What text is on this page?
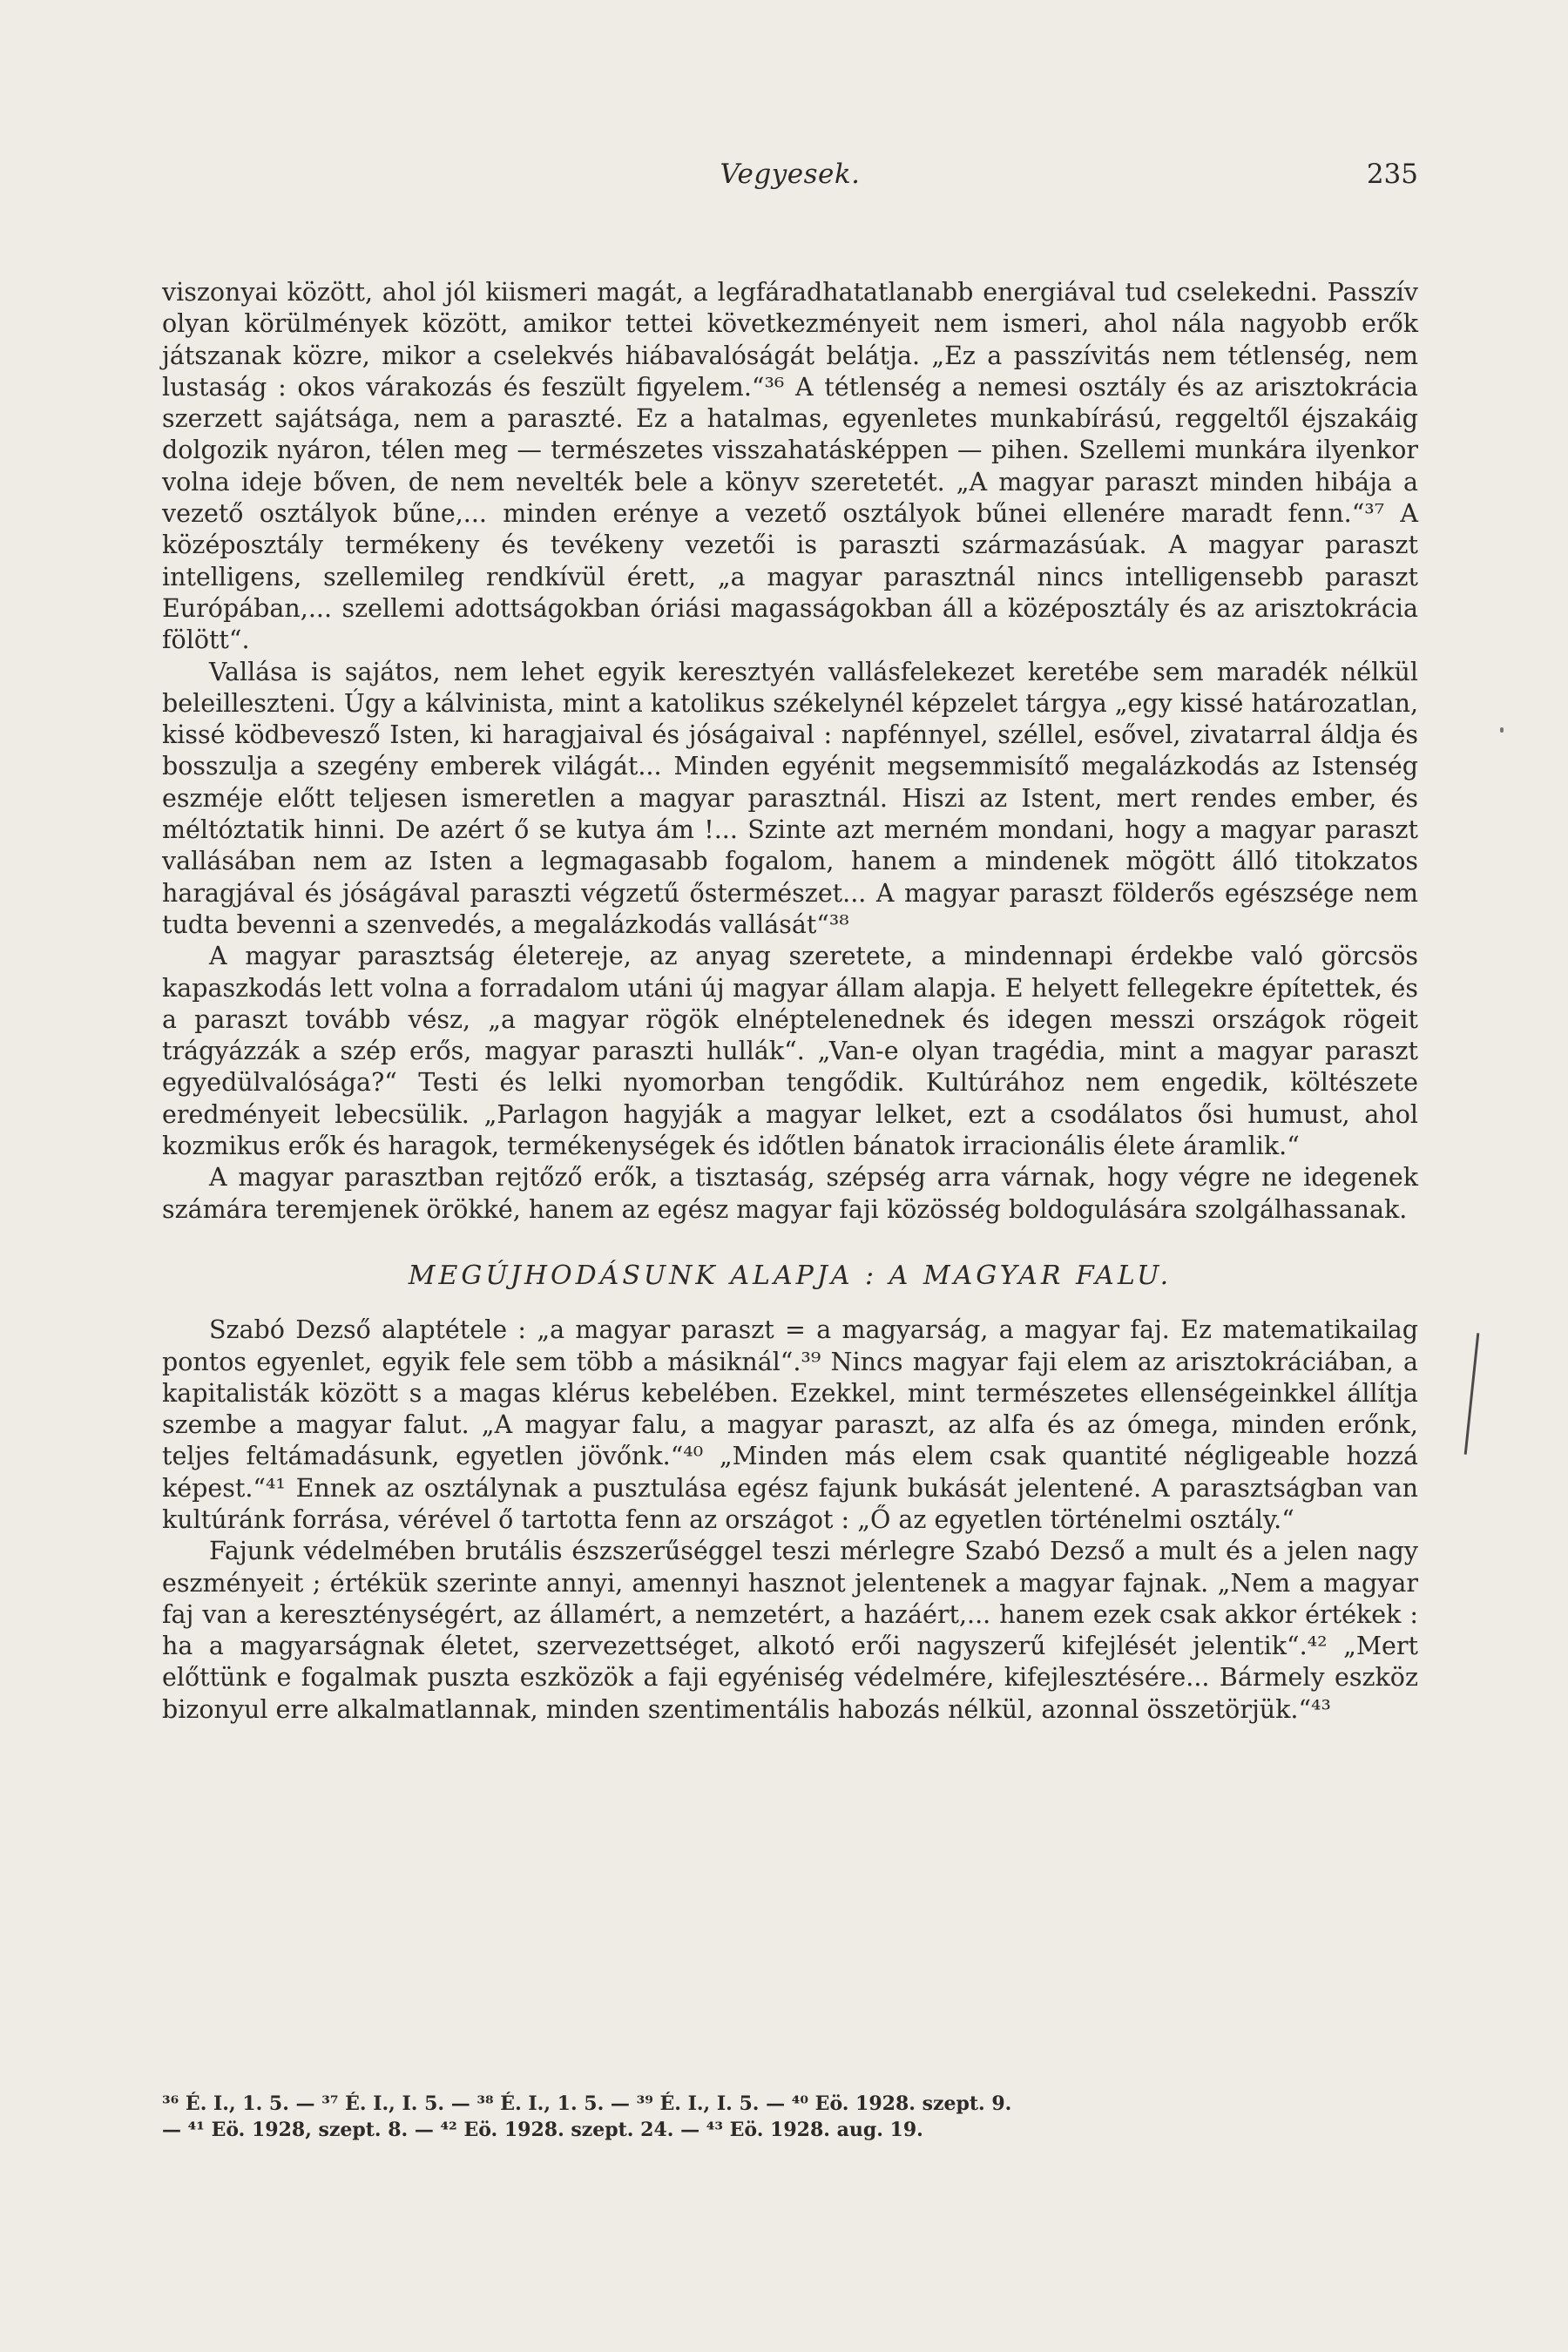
Vegyesek.	235

viszonyai között, ahol jól kiismeri magát, a legfáradhatatlanabb energiával tud cselekedni. Passzív olyan körülmények között, amikor tettei következményeit nem ismeri, ahol nála nagyobb erők játszanak közre, mikor a cselekvés hiábavalóságát belátja. „Ez a passzívitás nem tétlenség, nem lustaság : okos várakozás és feszült figyelem.“³⁶ A tétlenség a nemesi osztály és az arisztokrácia szerzett sajátsága, nem a paraszté. Ez a hatalmas, egyenletes munkabírású, reggeltől éjszakáig dolgozik nyáron, télen meg — természetes visszahatásképpen — pihen. Szellemi munkára ilyenkor volna ideje bőven, de nem nevelték bele a könyv szeretetét. „A magyar paraszt minden hibája a vezető osztályok bűne,... minden erénye a vezető osztályok bűnei ellenére maradt fenn.“³⁷ A középosztály termékeny és tevékeny vezetői is paraszti származásúak. A magyar paraszt intelligens, szellemileg rendkívül érett, „a magyar parasztnál nincs intelligensebb paraszt Európában,... szellemi adottságokban óriási magasságokban áll a középosztály és az arisztokrácia fölött“.

Vallása is sajátos, nem lehet egyik keresztyén vallásfelekezet keretébe sem maradék nélkül beleilleszteni. Úgy a kálvinista, mint a katolikus székelynél képzelet tárgya „egy kissé határozatlan, kissé ködbevesző Isten, ki haragjaival és jóságaival : napfénnyel, széllel, esővel, zivatarral áldja és bosszulja a szegény emberek világát... Minden egyénit megsemmisítő megalázkodás az Istenség eszméje előtt teljesen ismeretlen a magyar parasztnál. Hiszi az Istent, mert rendes ember, és méltóztatik hinni. De azért ő se kutya ám !... Szinte azt merném mondani, hogy a magyar paraszt vallásában nem az Isten a legmagasabb fogalom, hanem a mindenek mögött álló titokzatos haragjával és jóságával paraszti végzetű őstermészet... A magyar paraszt földerős egészsége nem tudta bevenni a szenvedés, a megalázkodás vallását“³⁸

A magyar parasztság életereje, az anyag szeretete, a mindennapi érdekbe való görcsös kapaszkodás lett volna a forradalom utáni új magyar állam alapja. E helyett fellegekre építettek, és a paraszt tovább vész, „a magyar rögök elnéptelenednek és idegen messzi országok rögeit trágyázzák a szép erős, magyar paraszti hullák“. „Van-e olyan tragédia, mint a magyar paraszt egyedülvalósága?“ Testi és lelki nyomorban tengődik. Kultúrához nem engedik, költészete eredményeit lebecsülik. „Parlagon hagyják a magyar lelket, ezt a csodálatos ősi humust, ahol kozmikus erők és haragok, termékenységek és időtlen bánatok irracionális élete áramlik.“

A magyar parasztban rejtőző erők, a tisztaság, szépség arra várnak, hogy végre ne idegenek számára teremjenek örökké, hanem az egész magyar faji közösség boldogulására szolgálhassanak.

MEGÚJHODÁSUNK ALAPJA : A MAGYAR FALU.

Szabó Dezső alaptétele : „a magyar paraszt = a magyarság, a magyar faj. Ez matematikailag pontos egyenlet, egyik fele sem több a másiknál“.³⁹ Nincs magyar faji elem az arisztokráciában, a kapitalisták között s a magas klérus kebelében. Ezekkel, mint természetes ellenségeinkkel állítja szembe a magyar falut. „A magyar falu, a magyar paraszt, az alfa és az ómega, minden erőnk, teljes feltámadásunk, egyetlen jövőnk.“⁴⁰ „Minden más elem csak quantité négligeable hozzá képest.“⁴¹ Ennek az osztálynak a pusztulása egész fajunk bukását jelentené. A parasztságban van kultúránk forrása, vérével ő tartotta fenn az országot : „Ő az egyetlen történelmi osztály.“

Fajunk védelmében brutális észszerűséggel teszi mérlegre Szabó Dezső a mult és a jelen nagy eszményeit ; értékük szerinte annyi, amennyi hasznot jelentenek a magyar fajnak. „Nem a magyar faj van a kereszténységért, az államért, a nemzetért, a hazáért,... hanem ezek csak akkor értékek : ha a magyarságnak életet, szervezettséget, alkotó erői nagyszerű kifejlését jelentik“.⁴² „Mert előttünk e fogalmak puszta eszközök a faji egyéniség védelmére, kifejlesztésére... Bármely eszköz bizonyul erre alkalmatlannak, minden szentimentális habozás nélkül, azonnal összetörjük.“⁴³

³⁶ É. I., 1. 5. — ³⁷ É. I., I. 5. — ³⁸ É. I., 1. 5. — ³⁹ É. I., I. 5. — ⁴⁰ Eö. 1928. szept. 9.
— ⁴¹ Eö. 1928, szept. 8. — ⁴² Eö. 1928. szept. 24. — ⁴³ Eö. 1928. aug. 19.
